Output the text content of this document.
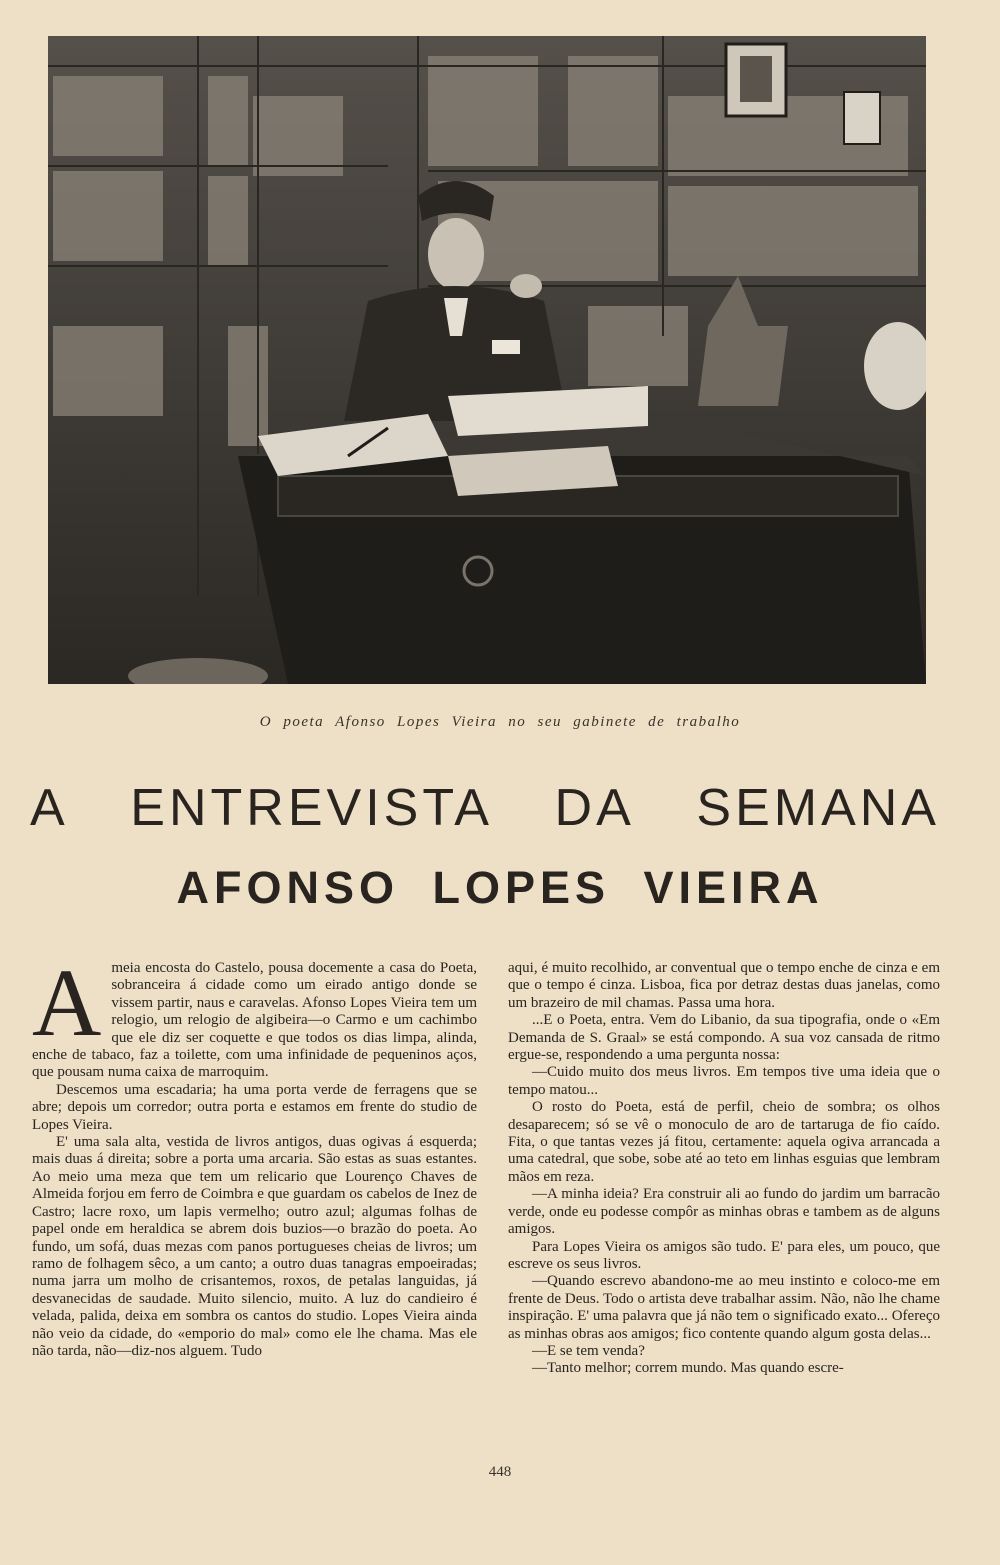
O poeta Afonso Lopes Vieira no seu gabinete de trabalho
A ENTREVISTA DA SEMANA
AFONSO LOPES VIEIRA

Ameia encosta do Castelo, pousa docemente a casa do Poeta, sobranceira á cidade como um eirado antigo donde se vissem partir, naus e caravelas. Afonso Lopes Vieira tem um relogio, um relogio de algibeira—o Carmo e um cachimbo que ele diz ser coquette e que todos os dias limpa, alinda, enche de tabaco, faz a toilette, com uma infinidade de pequeninos aços, que pousam numa caixa de marroquim.

Descemos uma escadaria; ha uma porta verde de ferragens que se abre; depois um corredor; outra porta e estamos em frente do studio de Lopes Vieira.

E' uma sala alta, vestida de livros antigos, duas ogivas á esquerda; mais duas á direita; sobre a porta uma arcaria. São estas as suas estantes. Ao meio uma meza que tem um relicario que Lourenço Chaves de Almeida forjou em ferro de Coimbra e que guardam os cabelos de Inez de Castro; lacre roxo, um lapis vermelho; outro azul; algumas folhas de papel onde em heraldica se abrem dois buzios—o brazão do poeta. Ao fundo, um sofá, duas mezas com panos portugueses cheias de livros; um ramo de folhagem sêco, a um canto; a outro duas tanagras empoeiradas; numa jarra um molho de crisantemos, roxos, de petalas languidas, já desvanecidas de saudade. Muito silencio, muito. A luz do candieiro é velada, palida, deixa em sombra os cantos do studio. Lopes Vieira ainda não veio da cidade, do «emporio do mal» como ele lhe chama. Mas ele não tarda, não—diz-nos alguem. Tudo

aqui, é muito recolhido, ar conventual que o tempo enche de cinza e em que o tempo é cinza. Lisboa, fica por detraz destas duas janelas, como um brazeiro de mil chamas. Passa uma hora.

...E o Poeta, entra. Vem do Libanio, da sua tipografia, onde o «Em Demanda de S. Graal» se está compondo. A sua voz cansada de ritmo ergue-se, respondendo a uma pergunta nossa:

—Cuido muito dos meus livros. Em tempos tive uma ideia que o tempo matou...

O rosto do Poeta, está de perfil, cheio de sombra; os olhos desaparecem; só se vê o monoculo de aro de tartaruga de fio caído. Fita, o que tantas vezes já fitou, certamente: aquela ogiva arrancada a uma catedral, que sobe, sobe até ao teto em linhas esguias que lembram mãos em reza.

—A minha ideia? Era construir ali ao fundo do jardim um barracão verde, onde eu podesse compôr as minhas obras e tambem as de alguns amigos.

Para Lopes Vieira os amigos são tudo. E' para eles, um pouco, que escreve os seus livros.

—Quando escrevo abandono-me ao meu instinto e coloco-me em frente de Deus. Todo o artista deve trabalhar assim. Não, não lhe chame inspiração. E' uma palavra que já não tem o significado exato... Ofereço as minhas obras aos amigos; fico contente quando algum gosta delas...

—E se tem venda?

—Tanto melhor; correm mundo. Mas quando escre-

448
